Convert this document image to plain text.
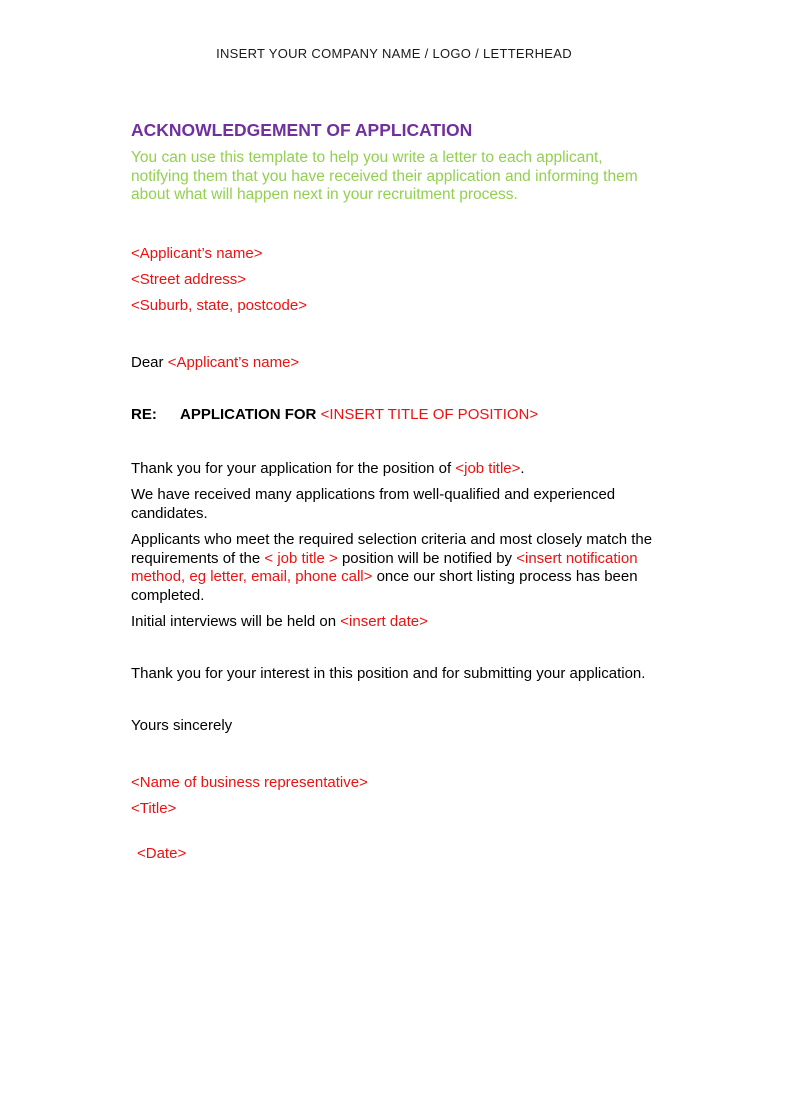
INSERT YOUR COMPANY NAME / LOGO / LETTERHEAD
ACKNOWLEDGEMENT OF APPLICATION

You can use this template to help you write a letter to each applicant, notifying them that you have received their application and informing them about what will happen next in your recruitment process.

<Applicant’s name>

<Street address>

<Suburb, state, postcode>

Dear <Applicant’s name>

RE: APPLICATION FOR <INSERT TITLE OF POSITION>

Thank you for your application for the position of <job title>.

We have received many applications from well-qualified and experienced candidates.

Applicants who meet the required selection criteria and most closely match the requirements of the < job title > position will be notified by <insert notification method, eg letter, email, phone call> once our short listing process has been completed.

Initial interviews will be held on <insert date>

Thank you for your interest in this position and for submitting your application.

Yours sincerely

<Name of business representative>

<Title>

<Date>
